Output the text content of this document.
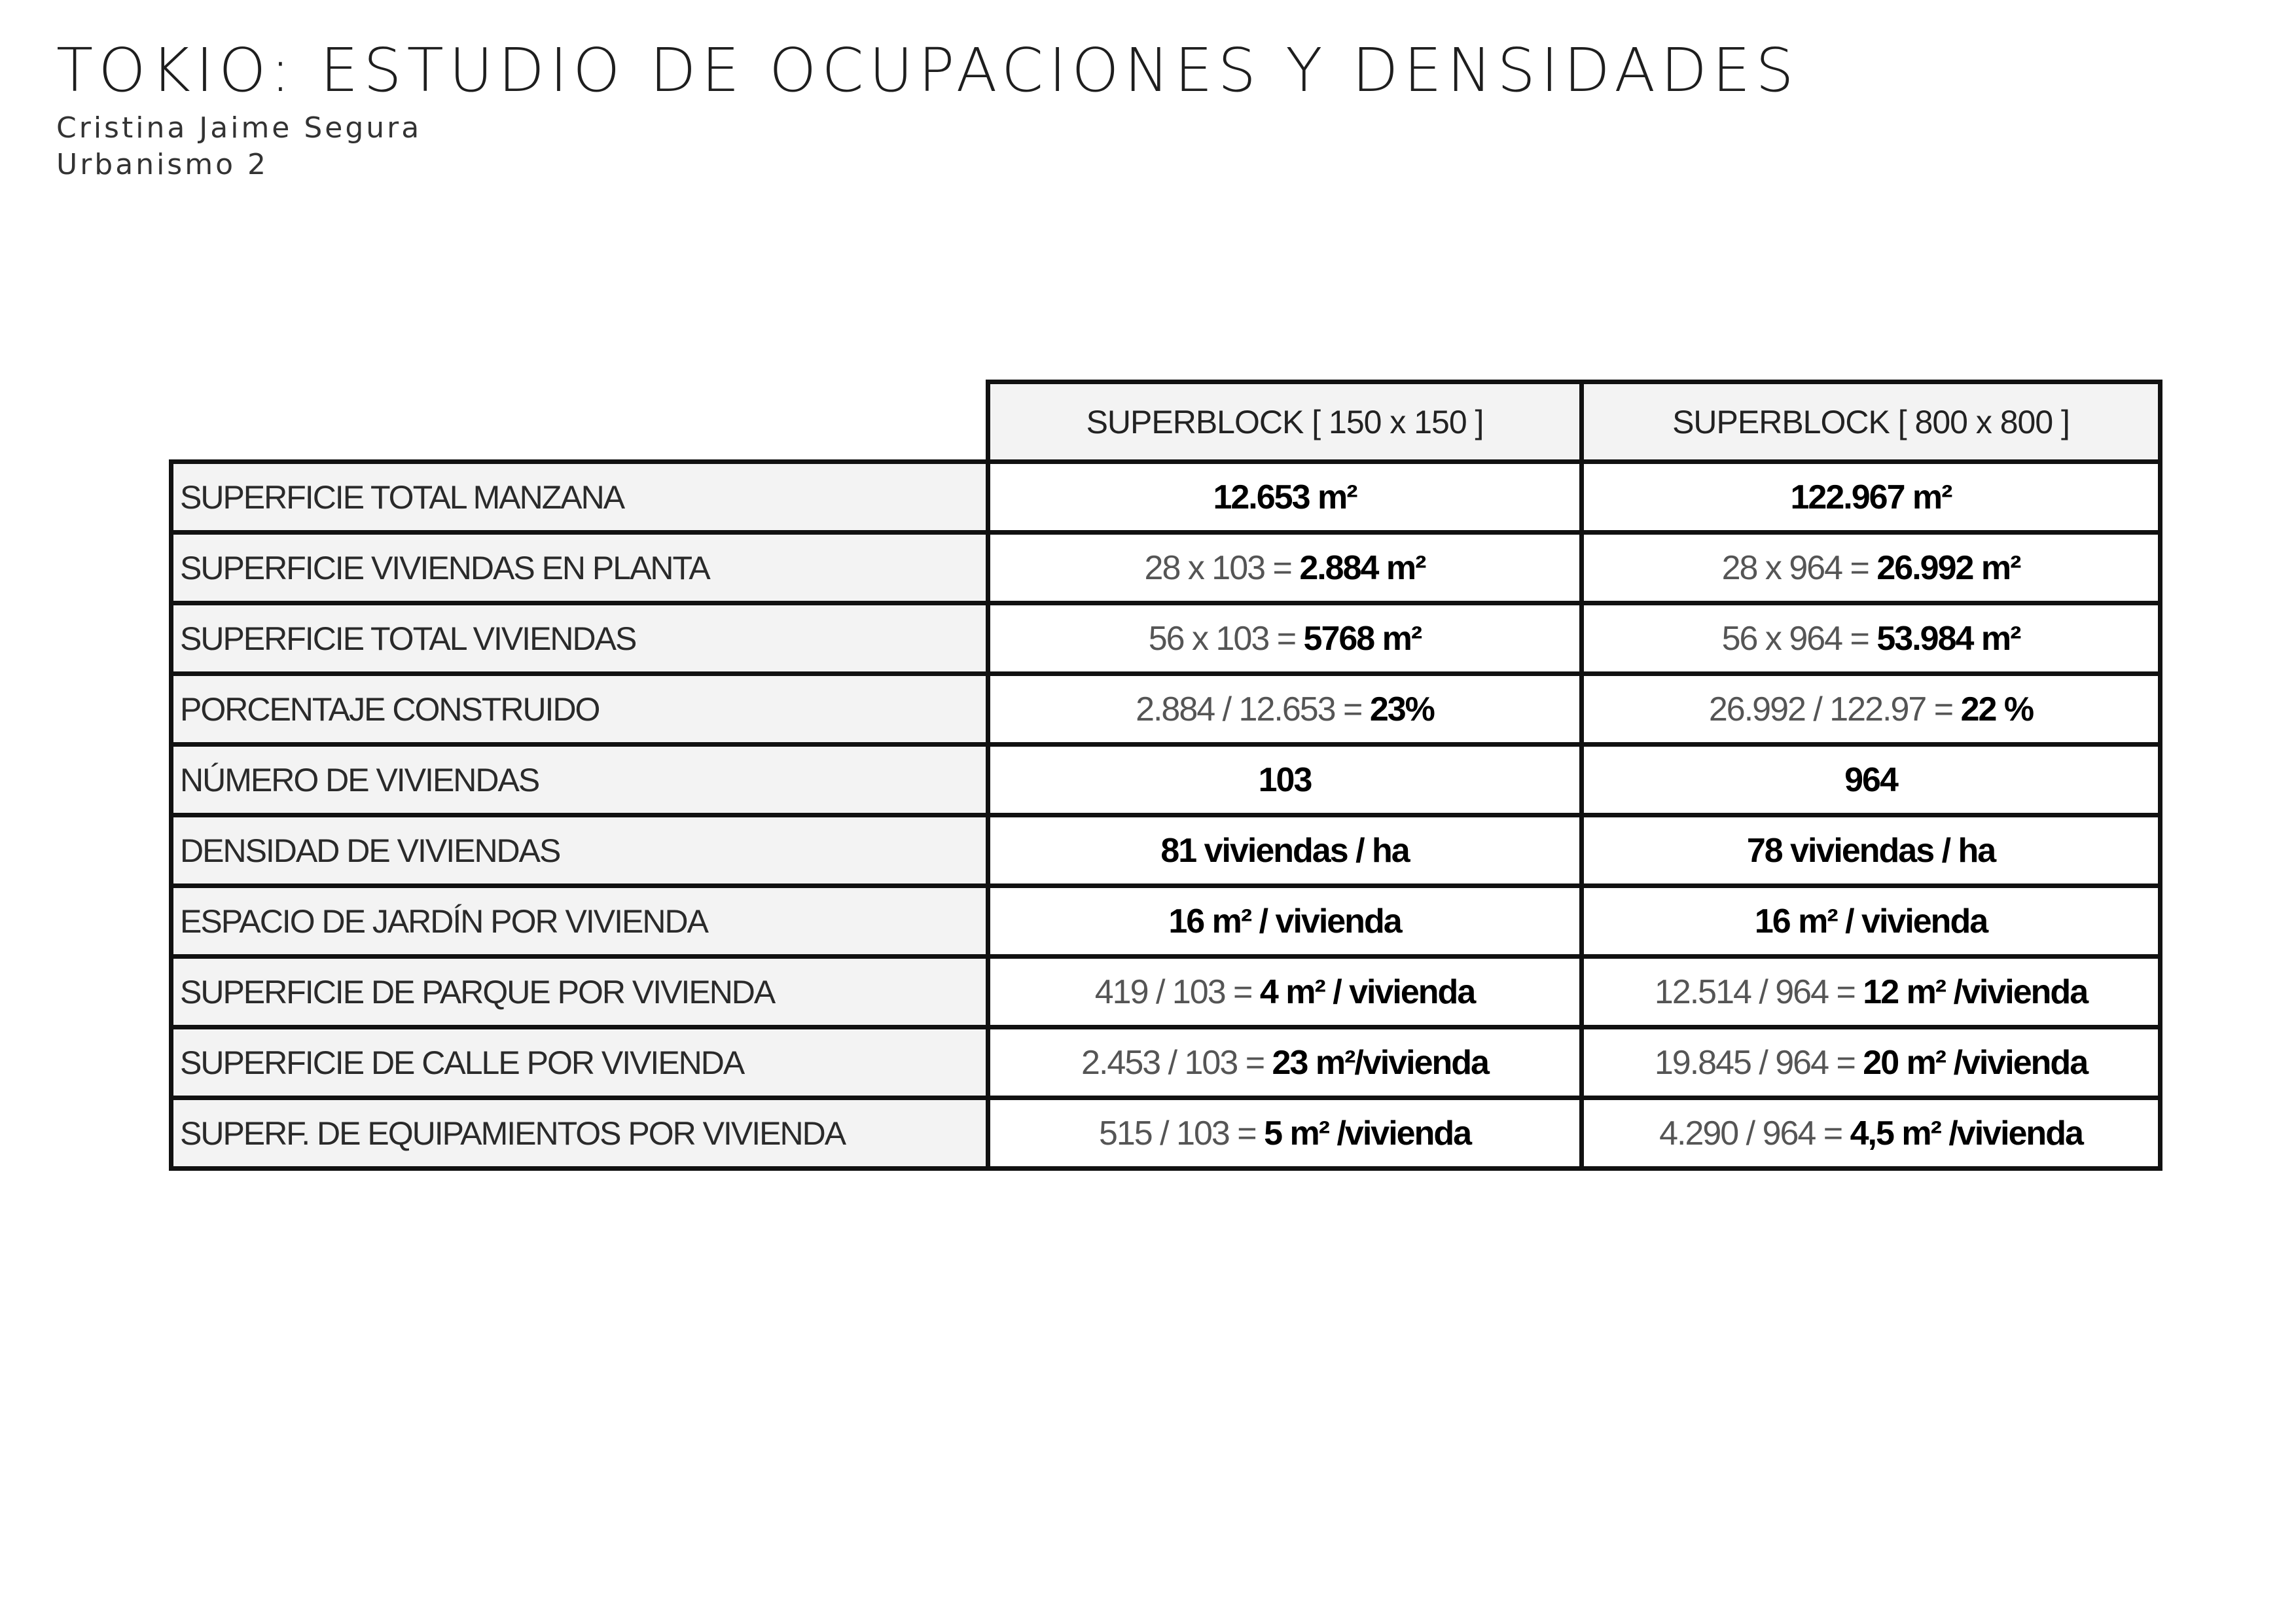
TOKIO: ESTUDIO DE OCUPACIONES Y DENSIDADES
Cristina Jaime Segura
Urbanismo 2
	SUPERBLOCK [ 150 x 150 ]	SUPERBLOCK [ 800 x 800 ]
SUPERFICIE TOTAL MANZANA	12.653 m²	122.967 m²
SUPERFICIE VIVIENDAS EN PLANTA	28 x 103 = 2.884 m²	28 x 964 = 26.992 m²
SUPERFICIE TOTAL VIVIENDAS	56 x 103 = 5768 m²	56 x 964 = 53.984 m²
PORCENTAJE CONSTRUIDO	2.884 / 12.653 = 23%	26.992 / 122.97 = 22 %
NÚMERO DE VIVIENDAS	103	964
DENSIDAD DE VIVIENDAS	81 viviendas / ha	78 viviendas / ha
ESPACIO DE JARDÍN POR VIVIENDA	16 m² / vivienda	16 m² / vivienda
SUPERFICIE DE PARQUE POR VIVIENDA	419 / 103 = 4 m² / vivienda	12.514 / 964 = 12 m² /vivienda
SUPERFICIE DE CALLE POR VIVIENDA	2.453 / 103 = 23 m²/vivienda	19.845 / 964 = 20 m² /vivienda
SUPERF. DE EQUIPAMIENTOS POR VIVIENDA	515 / 103 = 5 m² /vivienda	4.290 / 964 = 4,5 m² /vivienda
